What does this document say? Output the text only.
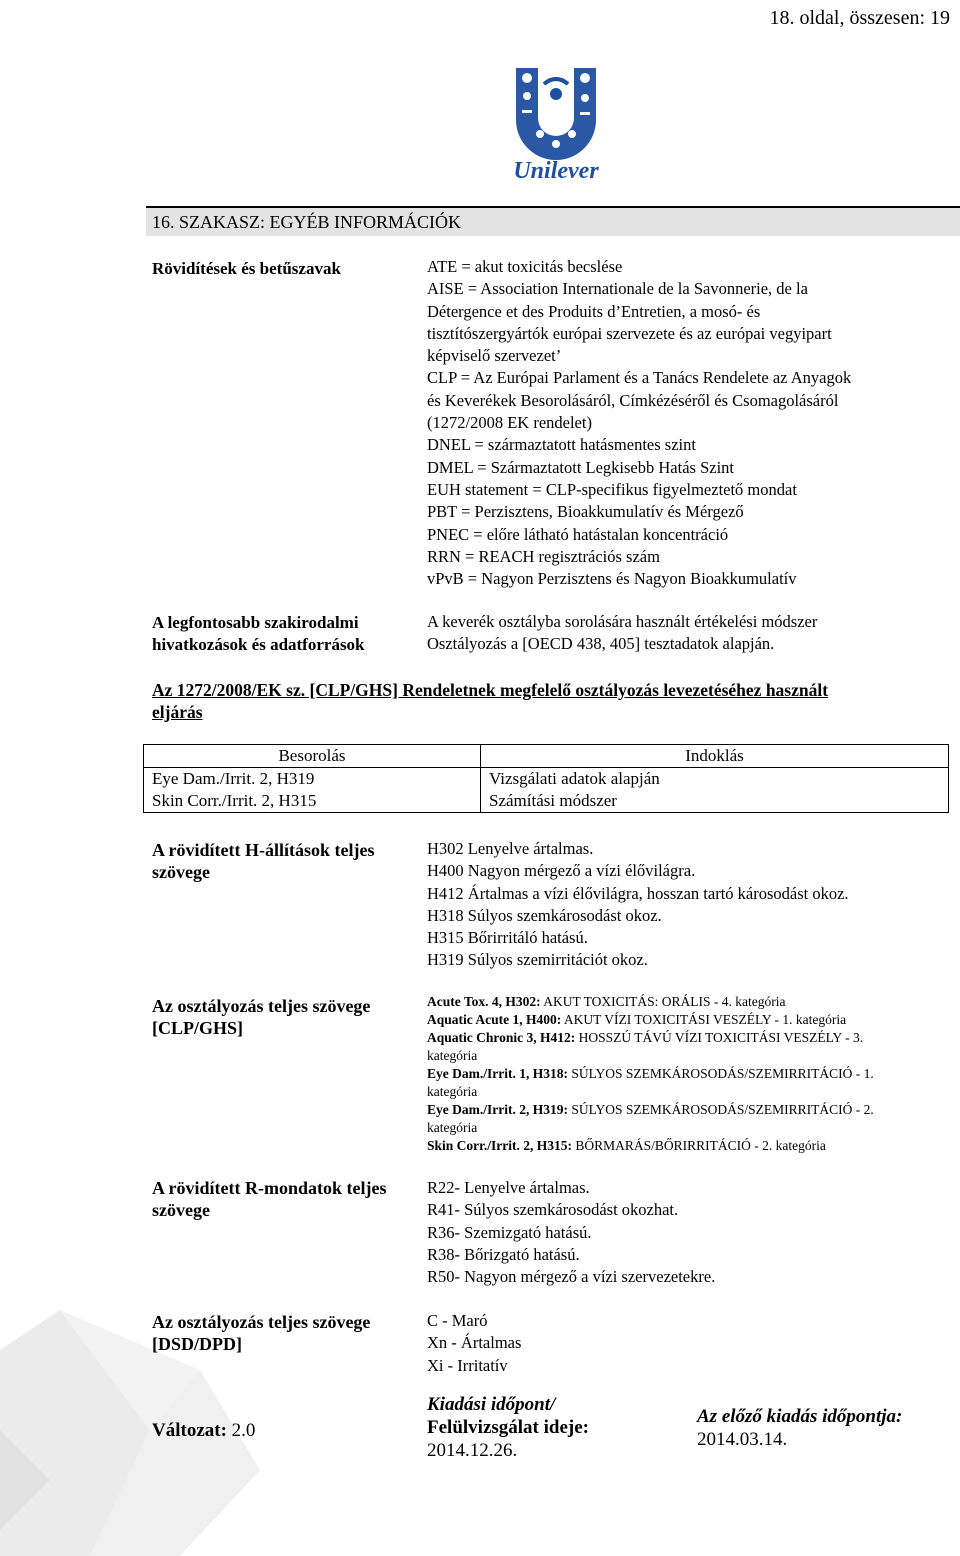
18. oldal, összesen: 19
Unilever
16. SZAKASZ: EGYÉB INFORMÁCIÓK
Rövidítések és betűszavak	ATE = akut toxicitás becslése
AISE = Association Internationale de la Savonnerie, de la
Détergence et des Produits d’Entretien, a mosó- és
tisztítószergyártók európai szervezete és az európai vegyipart
képviselő szervezet’
CLP = Az Európai Parlament és a Tanács Rendelete az Anyagok
és Keverékek Besorolásáról, Címkézéséről és Csomagolásáról
(1272/2008 EK rendelet)
DNEL = származtatott hatásmentes szint
DMEL = Származtatott Legkisebb Hatás Szint
EUH statement = CLP-specifikus figyelmeztető mondat
PBT = Perzisztens, Bioakkumulatív és Mérgező
PNEC = előre látható hatástalan koncentráció
RRN = REACH regisztrációs szám
vPvB = Nagyon Perzisztens és Nagyon Bioakkumulatív
A legfontosabb szakirodalmi
hivatkozások és adatforrások
A keverék osztályba sorolására használt értékelési módszer
Osztályozás a [OECD 438, 405] tesztadatok alapján.
Az 1272/2008/EK sz. [CLP/GHS] Rendeletnek megfelelő osztályozás levezetéséhez használt
eljárás
Besorolás	Indoklás
Eye Dam./Irrit. 2, H319	Vizsgálati adatok alapján
Skin Corr./Irrit. 2, H315	Számítási módszer
A rövidített H-állítások teljes
szövege
H302 Lenyelve ártalmas.
H400 Nagyon mérgező a vízi élővilágra.
H412 Ártalmas a vízi élővilágra, hosszan tartó károsodást okoz.
H318 Súlyos szemkárosodást okoz.
H315 Bőrirritáló hatású.
H319 Súlyos szemirritációt okoz.
Az osztályozás teljes szövege
[CLP/GHS]
Acute Tox. 4, H302: AKUT TOXICITÁS: ORÁLIS - 4. kategória
Aquatic Acute 1, H400: AKUT VÍZI TOXICITÁSI VESZÉLY - 1. kategória
Aquatic Chronic 3, H412: HOSSZÚ TÁVÚ VÍZI TOXICITÁSI VESZÉLY - 3.
kategória
Eye Dam./Irrit. 1, H318: SÚLYOS SZEMKÁROSODÁS/SZEMIRRITÁCIÓ - 1.
kategória
Eye Dam./Irrit. 2, H319: SÚLYOS SZEMKÁROSODÁS/SZEMIRRITÁCIÓ - 2.
kategória
Skin Corr./Irrit. 2, H315: BŐRMARÁS/BŐRIRRITÁCIÓ - 2. kategória
A rövidített R-mondatok teljes
szövege
R22- Lenyelve ártalmas.
R41- Súlyos szemkárosodást okozhat.
R36- Szemizgató hatású.
R38- Bőrizgató hatású.
R50- Nagyon mérgező a vízi szervezetekre.
Az osztályozás teljes szövege
[DSD/DPD]
C - Maró
Xn - Ártalmas
Xi - Irritatív
Változat: 2.0
Kiadási időpont/
Felülvizsgálat ideje:
2014.12.26.
Az előző kiadás időpontja:
2014.03.14.
